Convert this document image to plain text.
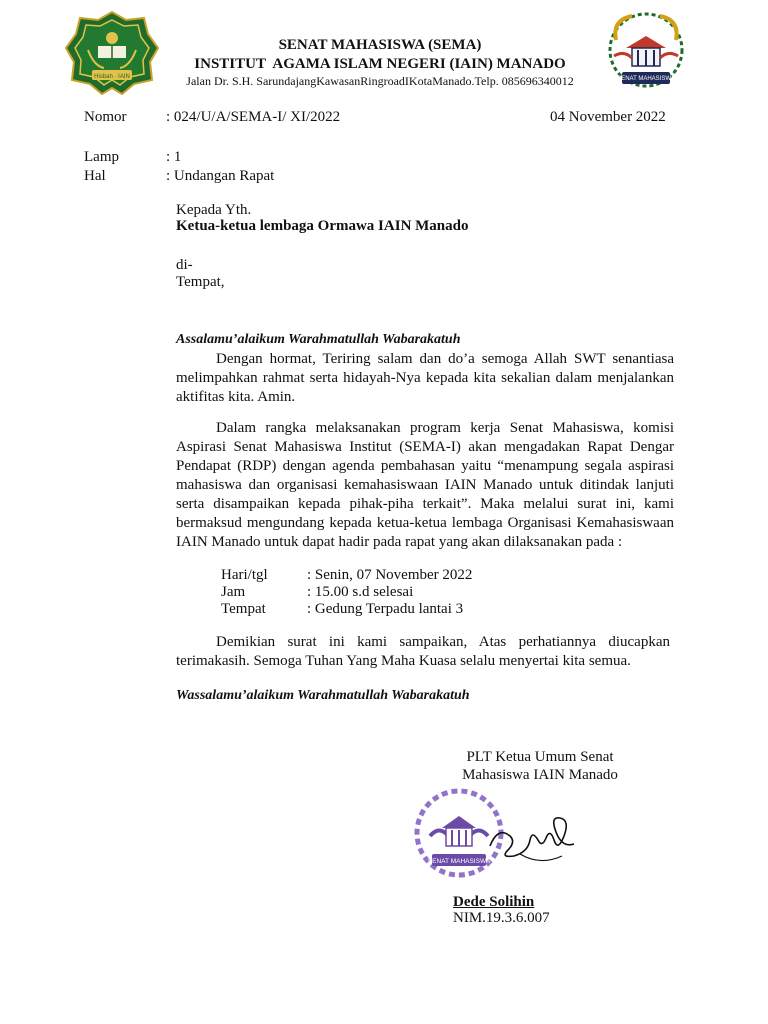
Hisbah · IAIN	SENAT MAHASISWA
SENAT MAHASISWA (SEMA)
INSTITUT  AGAMA ISLAM NEGERI (IAIN) MANADO
Jalan Dr. S.H. SarundajangKawasanRingroadIKotaManado.Telp. 085696340012
Nomor	: 024/U/A/SEMA-I/ XI/2022	04 November 2022
Lamp	: 1
Hal	: Undangan Rapat
Kepada Yth.
Ketua-ketua lembaga Ormawa IAIN Manado
di-
Tempat,
Assalamu’alaikum Warahmatullah Wabarakatuh
Dengan hormat, Teriring salam dan do’a semoga Allah SWT senantiasa melimpahkan rahmat serta hidayah-Nya kepada kita sekalian dalam menjalankan aktifitas kita. Amin.
Dalam rangka melaksanakan program kerja Senat Mahasiswa, komisi Aspirasi Senat Mahasiswa Institut (SEMA-I) akan mengadakan Rapat Dengar Pendapat (RDP) dengan agenda pembahasan yaitu “menampung segala aspirasi mahasiswa dan organisasi kemahasiswaan IAIN Manado untuk ditindak lanjuti serta disampaikan kepada pihak-piha terkait”. Maka melalui surat ini, kami bermaksud mengundang kepada ketua-ketua lembaga Organisasi Kemahasiswaan IAIN Manado untuk dapat hadir pada rapat yang akan dilaksanakan pada :
Hari/tgl	: Senin, 07 November 2022
Jam	: 15.00 s.d selesai
Tempat	: Gedung Terpadu lantai 3
Demikian surat ini kami sampaikan, Atas perhatiannya diucapkan terimakasih. Semoga Tuhan Yang Maha Kuasa selalu menyertai kita semua.
Wassalamu’alaikum Warahmatullah Wabarakatuh
PLT Ketua Umum Senat
Mahasiswa IAIN Manado
SENAT MAHASISWA
Dede Solihin
NIM.19.3.6.007
